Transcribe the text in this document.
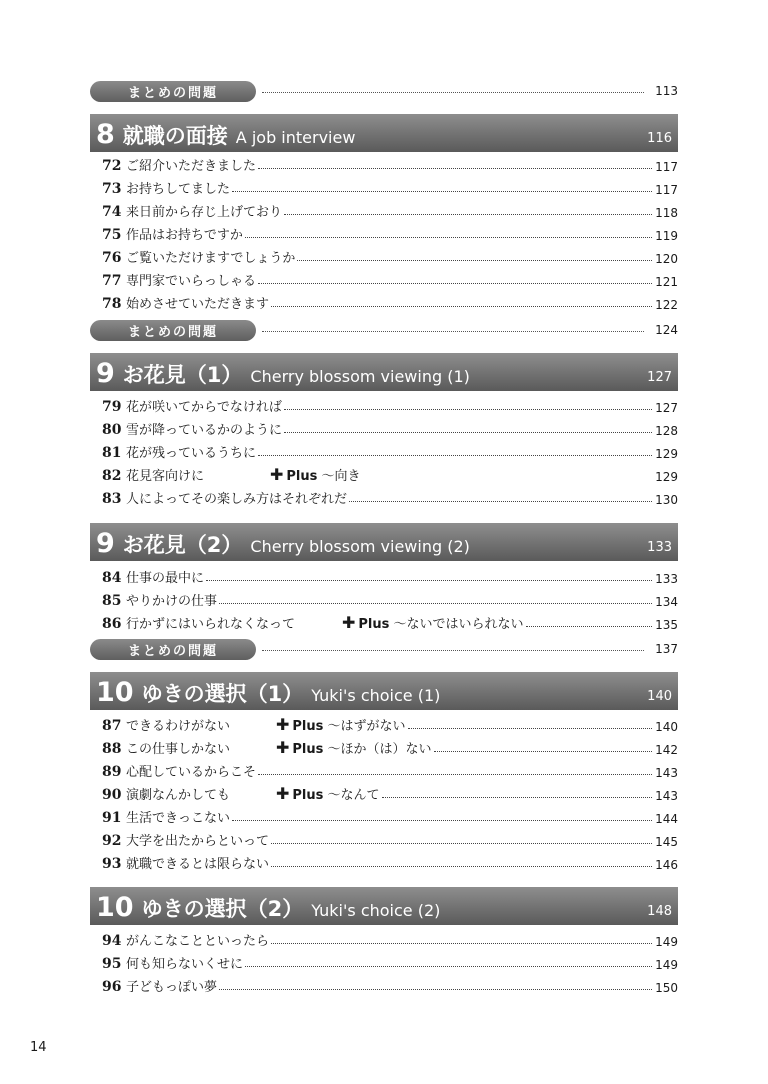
まとめの問題	113
8 就職の面接 A job interview	116
72 ご紹介いただきました	117
73 お持ちしてました	117
74 来日前から存じ上げており	118
75 作品はお持ちですか	119
76 ご覧いただけますでしょうか	120
77 専門家でいらっしゃる	121
78 始めさせていただきます	122
まとめの問題	124
9 お花見（1） Cherry blossom viewing (1)	127
79 花が咲いてからでなければ	127
80 雪が降っているかのように	128
81 花が残っているうちに	129
82 花見客向けに	✚ Plus ～向き	129
83 人によってその楽しみ方はそれぞれだ	130
9 お花見（2） Cherry blossom viewing (2)	133
84 仕事の最中に	133
85 やりかけの仕事	134
86 行かずにはいられなくなって	✚ Plus ～ないではいられない	135
まとめの問題	137
10 ゆきの選択（1） Yuki's choice (1)	140
87 できるわけがない	✚ Plus ～はずがない	140
88 この仕事しかない	✚ Plus ～ほか（は）ない	142
89 心配しているからこそ	143
90 演劇なんかしても	✚ Plus ～なんて	143
91 生活できっこない	144
92 大学を出たからといって	145
93 就職できるとは限らない	146
10 ゆきの選択（2） Yuki's choice (2)	148
94 がんこなことといったら	149
95 何も知らないくせに	149
96 子どもっぽい夢	150
14
